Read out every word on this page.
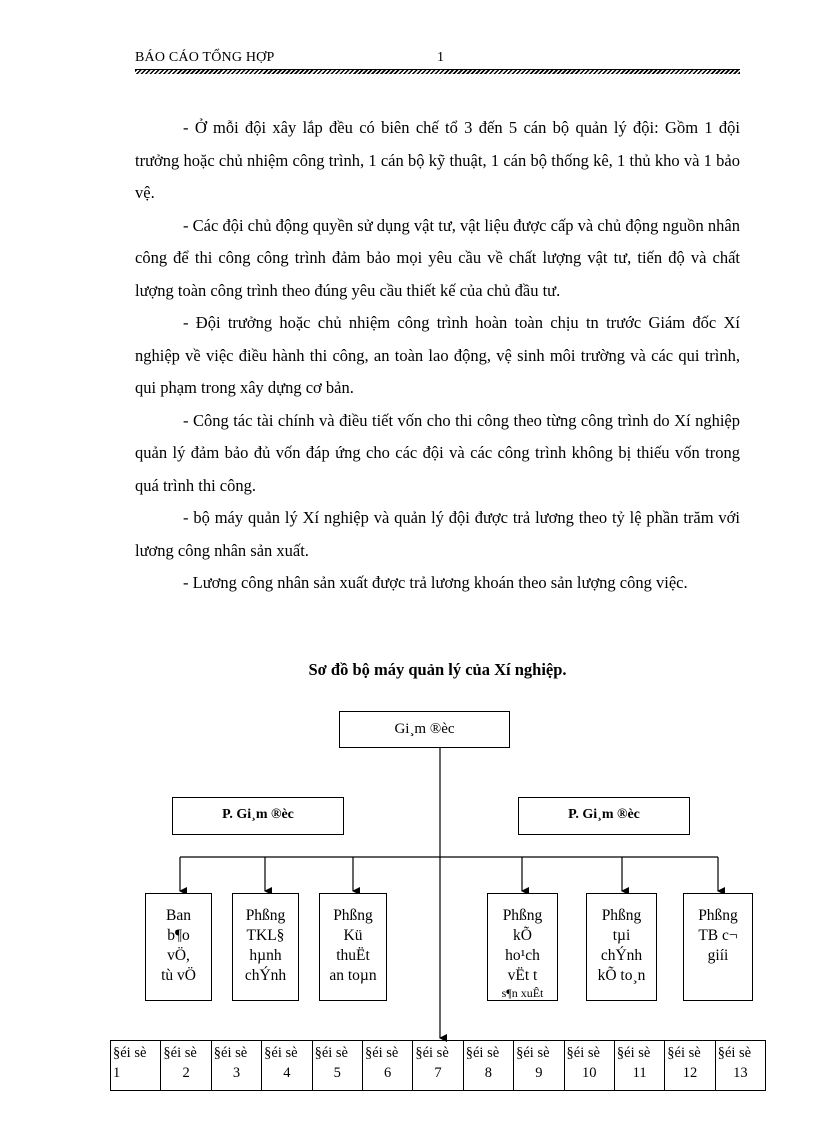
BÁO CÁO TỔNG HỢP	1

- Ở mỗi đội xây lắp đều có biên chế tổ 3 đến 5 cán bộ quản lý đội: Gồm 1 đội trưởng hoặc chủ nhiệm công trình, 1 cán bộ kỹ thuật, 1 cán bộ thống kê, 1 thủ kho và 1 bảo vệ.

- Các đội chủ động quyền sử dụng vật tư, vật liệu được cấp và chủ động nguồn nhân công để thi công công trình đảm bảo mọi yêu cầu về chất lượng vật tư, tiến độ và chất lượng toàn công trình theo đúng yêu cầu thiết kế của chủ đầu tư.

- Đội trưởng hoặc chủ nhiệm công trình hoàn toàn chịu tn trước Giám đốc Xí nghiệp về việc điều hành thi công, an toàn lao động, vệ sinh môi trường và các qui trình, qui phạm trong xây dựng cơ bản.

- Công tác tài chính và điều tiết vốn cho thi công theo từng công trình do Xí nghiệp quản lý đảm bảo đủ vốn đáp ứng cho các đội và các công trình không bị thiếu vốn trong quá trình thi công.

- bộ máy quản lý Xí nghiệp và quản lý đội được trả lương theo tỷ lệ phần trăm với lương công nhân sản xuất.

- Lương công nhân sản xuất được trả lương khoán theo sản lượng công việc.

Sơ đồ bộ máy quản lý của Xí nghiệp.
Gi¸m ®èc
P. Gi¸m ®èc	P. Gi¸m ®èc
Ban
b¶o
vÖ,
tù vÖ
Phßng
TKL§
hµnh
chÝnh
Phßng
Kü
thuËt
an toµn
Phßng
kÕ
ho¹ch
vËt t
s¶n xuÊt
Phßng
tµi
chÝnh
kÕ to¸n
Phßng
TB c¬
giíi
§éi sè
1
§éi sè
2
§éi sè
3
§éi sè
4
§éi sè
5
§éi sè
6
§éi sè
7
§éi sè
8
§éi sè
9
§éi sè
10
§éi sè
11
§éi sè
12
§éi sè
13
